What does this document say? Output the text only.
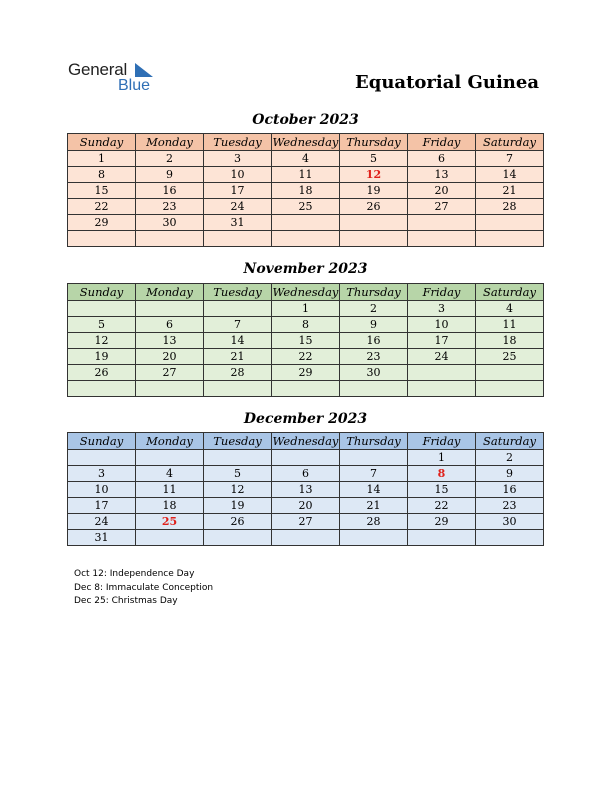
General
Blue	Equatorial Guinea
October 2023
Sunday	Monday	Tuesday	Wednesday	Thursday	Friday	Saturday
1	2	3	4	5	6	7
8	9	10	11	12	13	14
15	16	17	18	19	20	21
22	23	24	25	26	27	28
29	30	31				

November 2023
Sunday	Monday	Tuesday	Wednesday	Thursday	Friday	Saturday
			1	2	3	4
5	6	7	8	9	10	11
12	13	14	15	16	17	18
19	20	21	22	23	24	25
26	27	28	29	30		

December 2023
Sunday	Monday	Tuesday	Wednesday	Thursday	Friday	Saturday
					1	2
3	4	5	6	7	8	9
10	11	12	13	14	15	16
17	18	19	20	21	22	23
24	25	26	27	28	29	30
31						
Oct 12: Independence Day
Dec 8: Immaculate Conception
Dec 25: Christmas Day
